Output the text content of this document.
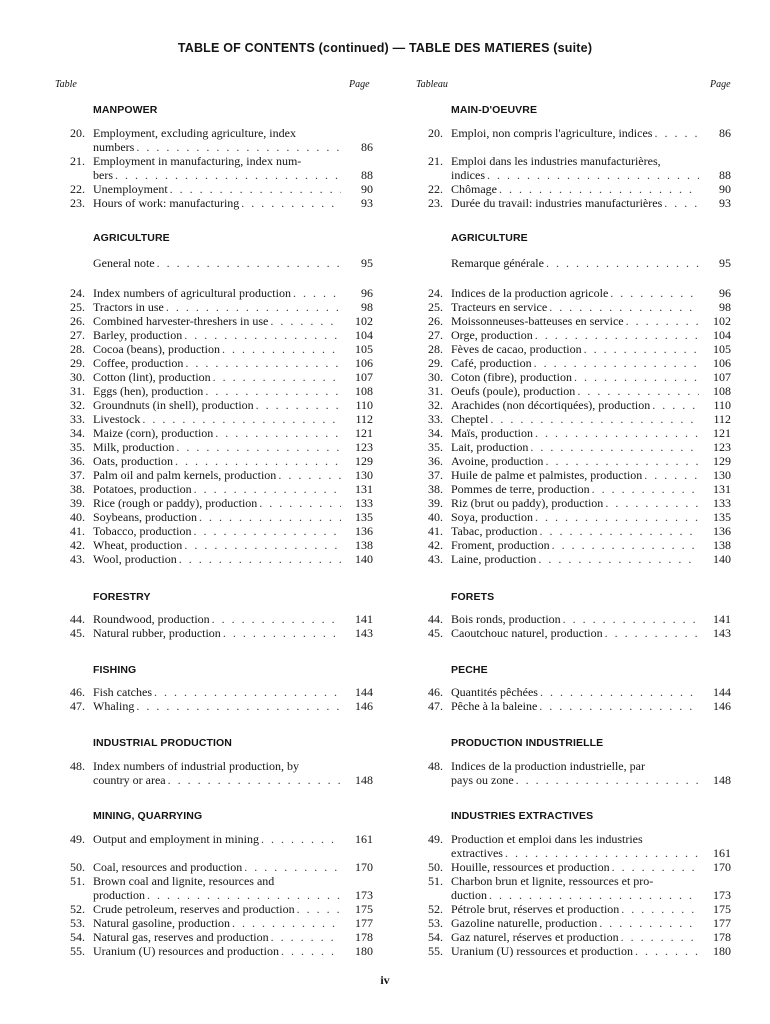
TABLE OF CONTENTS (continued) — TABLE DES MATIERES (suite)
Table	Page	Tableau	Page
MANPOWER
AGRICULTURE
FORESTRY
FISHING
INDUSTRIAL PRODUCTION
MINING, QUARRYING
20. Employment, excluding agriculture, index
numbers . . .	86
21. Employment in manufacturing, index num-
bers . . .	88
22. Unemployment . . .	90
23. Hours of work: manufacturing . . .	93
General note . . .	95
24. Index numbers of agricultural production . . .	96
25. Tractors in use . . .	98
26. Combined harvester-threshers in use . . .	102
27. Barley, production . . .	104
28. Cocoa (beans), production . . .	105
29. Coffee, production . . .	106
30. Cotton (lint), production . . .	107
31. Eggs (hen), production . . .	108
32. Groundnuts (in shell), production . . .	110
33. Livestock . . .	112
34. Maize (corn), production . . .	121
35. Milk, production . . .	123
36. Oats, production . . .	129
37. Palm oil and palm kernels, production . . .	130
38. Potatoes, production . . .	131
39. Rice (rough or paddy), production . . .	133
40. Soybeans, production . . .	135
41. Tobacco, production . . .	136
42. Wheat, production . . .	138
43. Wool, production . . .	140
44. Roundwood, production . . .	141
45. Natural rubber, production . . .	143
46. Fish catches . . .	144
47. Whaling . . .	146
48. Index numbers of industrial production, by
country or area . . .	148
49. Output and employment in mining . . .	161
50. Coal, resources and production . . .	170
51. Brown coal and lignite, resources and
production . . .	173
52. Crude petroleum, reserves and production . . .	175
53. Natural gasoline, production . . .	177
54. Natural gas, reserves and production . . .	178
55. Uranium (U) resources and production . . .	180
MAIN-D'OEUVRE
AGRICULTURE
FORETS
PECHE
PRODUCTION INDUSTRIELLE
INDUSTRIES EXTRACTIVES
20. Emploi, non compris l'agriculture, indices . . .	86
21. Emploi dans les industries manufacturières,
indices . . .	88
22. Chômage . . .	90
23. Durée du travail: industries manufacturières . . .	93
Remarque générale . . .	95
24. Indices de la production agricole . . .	96
25. Tracteurs en service . . .	98
26. Moissonneuses-batteuses en service . . .	102
27. Orge, production . . .	104
28. Fèves de cacao, production . . .	105
29. Café, production . . .	106
30. Coton (fibre), production . . .	107
31. Oeufs (poule), production . . .	108
32. Arachides (non décortiquées), production . . .	110
33. Cheptel . . .	112
34. Maïs, production . . .	121
35. Lait, production . . .	123
36. Avoine, production . . .	129
37. Huile de palme et palmistes, production . . .	130
38. Pommes de terre, production . . .	131
39. Riz (brut ou paddy), production . . .	133
40. Soya, production . . .	135
41. Tabac, production . . .	136
42. Froment, production . . .	138
43. Laine, production . . .	140
44. Bois ronds, production . . .	141
45. Caoutchouc naturel, production . . .	143
46. Quantités pêchées . . .	144
47. Pêche à la baleine . . .	146
48. Indices de la production industrielle, par
pays ou zone . . .	148
49. Production et emploi dans les industries
extractives . . .	161
50. Houille, ressources et production . . .	170
51. Charbon brun et lignite, ressources et pro-
duction . . .	173
52. Pétrole brut, réserves et production . . .	175
53. Gazoline naturelle, production . . .	177
54. Gaz naturel, réserves et production . . .	178
55. Uranium (U) ressources et production . . .	180
iv
